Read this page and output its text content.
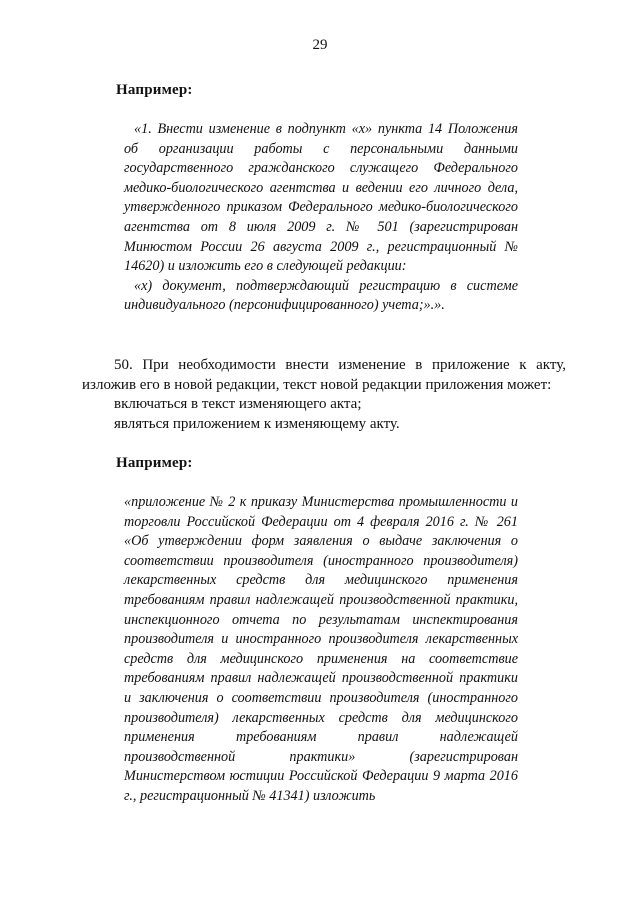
29
Например:

«1. Внести изменение в подпункт «х» пункта 14 Положения об организации работы с персональными данными государственного гражданского служащего Федерального медико-биологического агентства и ведении его личного дела, утвержденного приказом Федерального медико-биологического агентства от 8 июля 2009 г. № 501 (зарегистрирован Минюстом России 26 августа 2009 г., регистрационный № 14620) и изложить его в следующей редакции:

«х) документ, подтверждающий регистрацию в системе индивидуального (персонифицированного) учета;».».

50. При необходимости внести изменение в приложение к акту, изложив его в новой редакции, текст новой редакции приложения может:

включаться в текст изменяющего акта;

являться приложением к изменяющему акту.

Например:

«приложение № 2 к приказу Министерства промышленности и торговли Российской Федерации от 4 февраля 2016 г. № 261 «Об утверждении форм заявления о выдаче заключения о соответствии производителя (иностранного производителя) лекарственных средств для медицинского применения требованиям правил надлежащей производственной практики, инспекционного отчета по результатам инспектирования производителя и иностранного производителя лекарственных средств для медицинского применения на соответствие требованиям правил надлежащей производственной практики и заключения о соответствии производителя (иностранного производителя) лекарственных средств для медицинского применения требованиям правил надлежащей производственной практики» (зарегистрирован Министерством юстиции Российской Федерации 9 марта 2016 г., регистрационный № 41341) изложить
